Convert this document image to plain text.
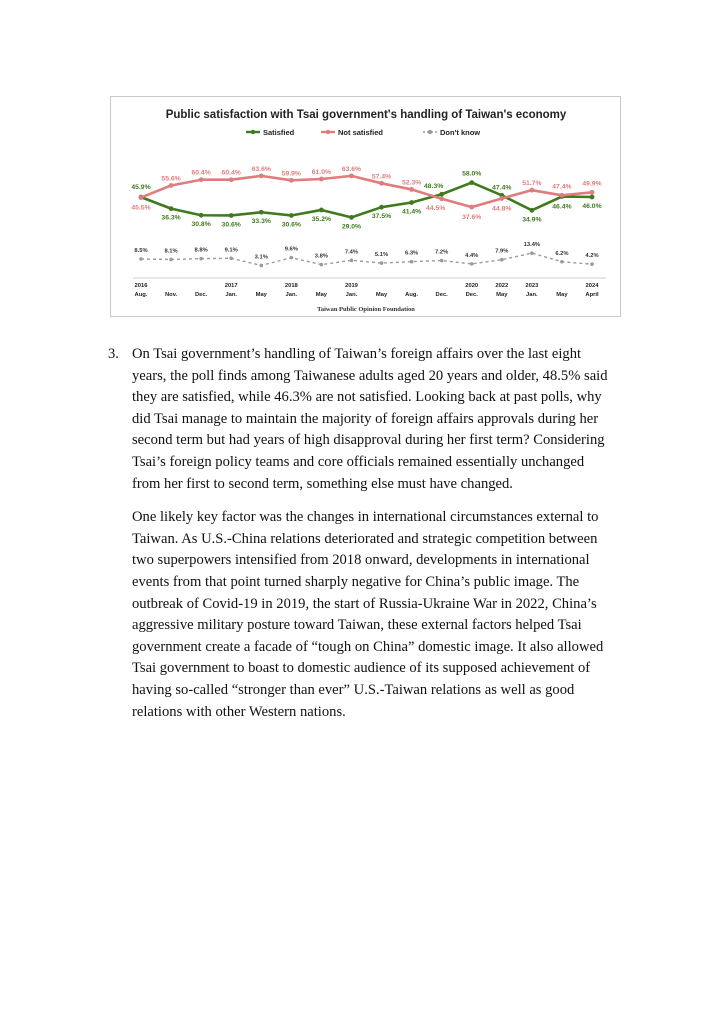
Public satisfaction with Tsai government's handling of Taiwan's economy
Satisfied	Not satisfied	Don't know
45.9%
36.3%
30.8% 30.6% 33.3% 30.6%
35.2%
29.0%
37.5%
41.4%
48.3%
58.0%
47.4%
34.9%
46.4% 46.0%
45.5%
55.6%
60.4% 60.4%
63.6%
59.9% 61.0% 63.6%
57.4%
52.3%
44.5%
37.6%
44.8%
51.7% 47.4% 49.9%
8.5%	8.1%	8.8%	9.1%
3.1%
9.6%
3.8%
7.4%	5.1%	6.3%	7.2%
4.4%
7.9%
13.4%
6.2%	4.2%
2016
Aug.	Nov.	Dec.
2017
Jan.	May
2018
Jan.	May
2019
Jan.	May	Aug.	Dec.
2020
Dec.
2022
May
2023
Jan.	May
2024
April
Taiwan Public Opinion Foundation
3. On Tsai government’s handling of Taiwan’s foreign affairs over the last eight years, the poll finds among Taiwanese adults aged 20 years and older, 48.5% said they are satisfied, while 46.3% are not satisfied. Looking back at past polls, why did Tsai manage to maintain the majority of foreign affairs approvals during her second term but had years of high disapproval during her first term? Considering Tsai’s foreign policy teams and core officials remained essentially unchanged from her first to second term, something else must have changed.

One likely key factor was the changes in international circumstances external to Taiwan. As U.S.-China relations deteriorated and strategic competition between two superpowers intensified from 2018 onward, developments in international events from that point turned sharply negative for China’s public image. The outbreak of Covid-19 in 2019, the start of Russia-Ukraine War in 2022, China’s aggressive military posture toward Taiwan, these external factors helped Tsai government create a facade of “tough on China” domestic image. It also allowed Tsai government to boast to domestic audience of its supposed achievement of having so-called “stronger than ever” U.S.-Taiwan relations as well as good relations with other Western nations.
